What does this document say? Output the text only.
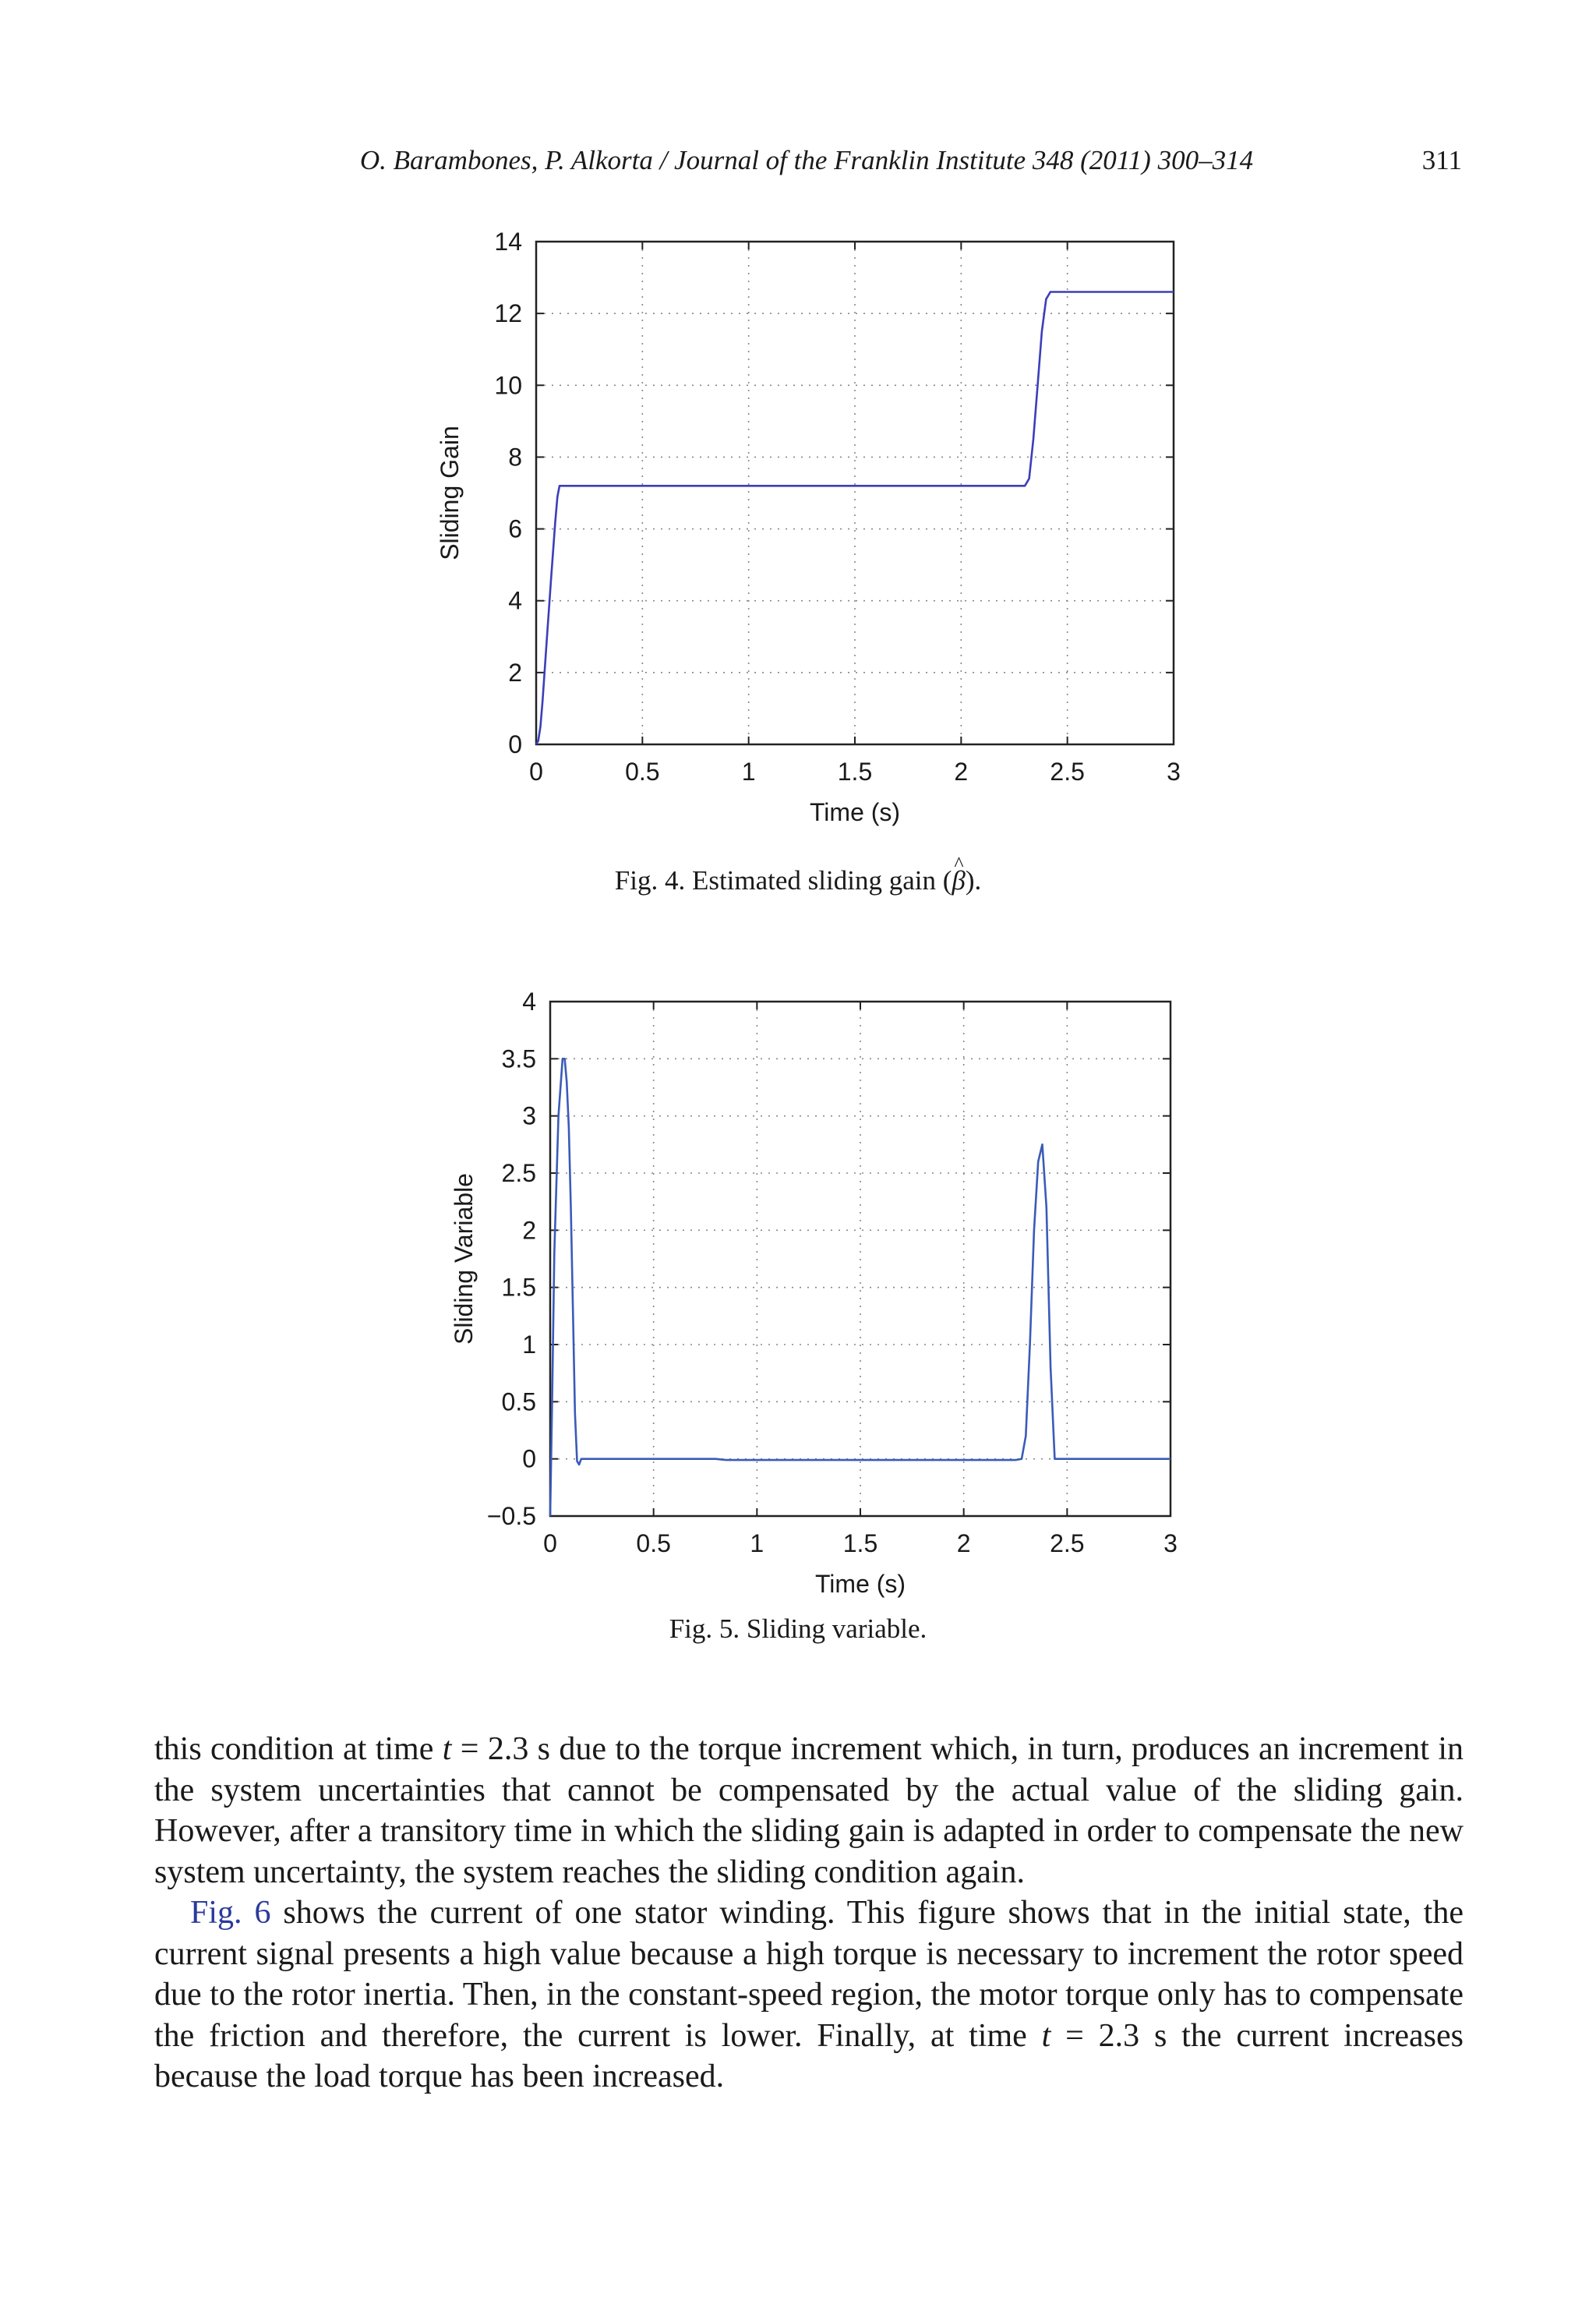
O. Barambones, P. Alkorta / Journal of the Franklin Institute 348 (2011) 300–314	311
0	0.5	1	1.5	2	2.5	3
0
2
4
6
8
10
12
14
Time (s)
Sliding Gain
Fig. 4. Estimated sliding gain (^ β).
0	0.5	1	1.5	2	2.5	3
−0.5
0
0.5
1
1.5
2
2.5
3
3.5
4
Time (s)
Sliding Variable
Fig. 5. Sliding variable.

this condition at time t = 2.3 s due to the torque increment which, in turn, produces an increment in the system uncertainties that cannot be compensated by the actual value of the sliding gain. However, after a transitory time in which the sliding gain is adapted in order to compensate the new system uncertainty, the system reaches the sliding condition again.

Fig. 6 shows the current of one stator winding. This figure shows that in the initial state, the current signal presents a high value because a high torque is necessary to increment the rotor speed due to the rotor inertia. Then, in the constant-speed region, the motor torque only has to compensate the friction and therefore, the current is lower. Finally, at time t = 2.3 s the current increases because the load torque has been increased.
